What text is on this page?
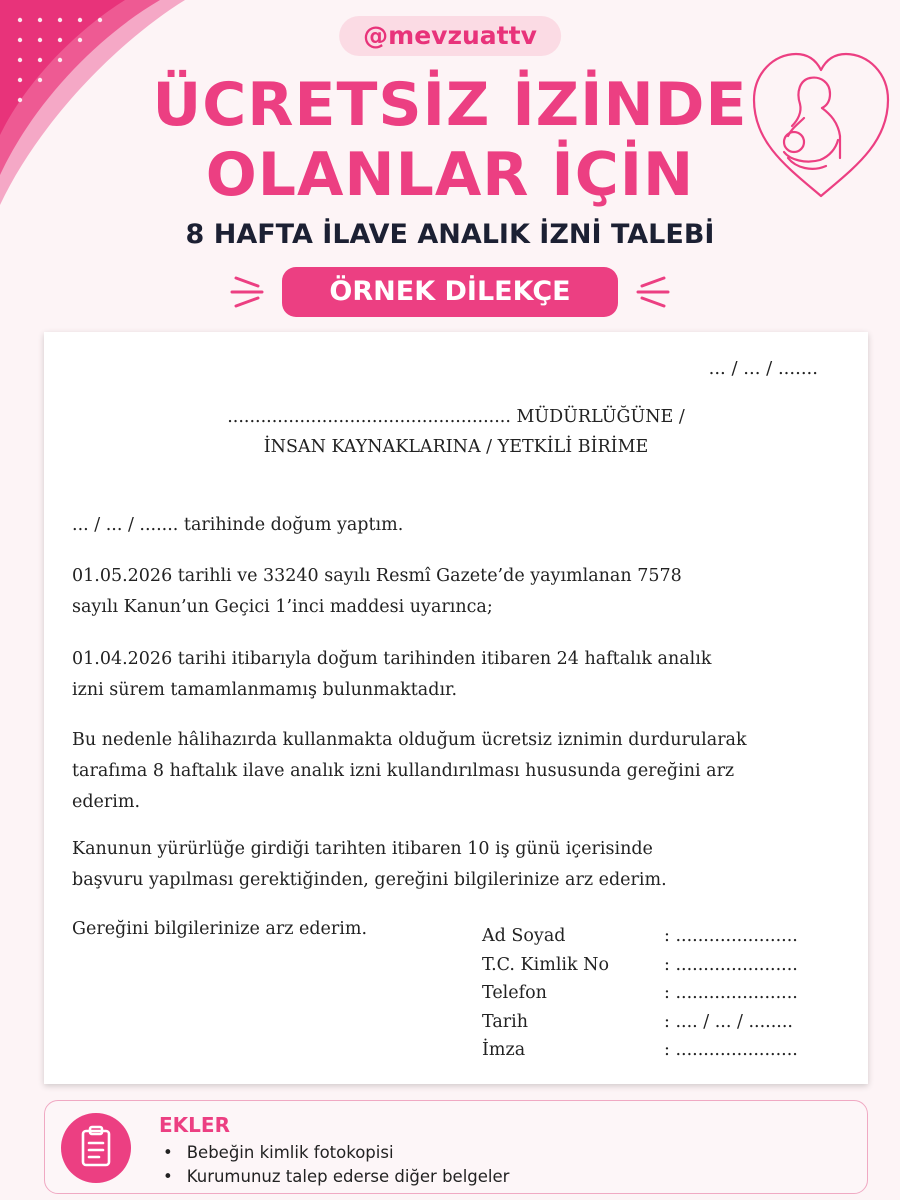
@mevzuattv
ÜCRETSİZ İZİNDE
OLANLAR İÇİN
8 HAFTA İLAVE ANALIK İZNİ TALEBİ
ÖRNEK DİLEKÇE
... / ... / .......
................................................... MÜDÜRLÜĞÜNE /
İNSAN KAYNAKLARINA / YETKİLİ BİRİME
... / ... / ....... tarihinde doğum yaptım.
01.05.2026 tarihli ve 33240 sayılı Resmî Gazete’de yayımlanan 7578 sayılı Kanun’un Geçici 1’inci maddesi uyarınca;
01.04.2026 tarihi itibarıyla doğum tarihinden itibaren 24 haftalık analık izni sürem tamamlanmamış bulunmaktadır.
Bu nedenle hâlihazırda kullanmakta olduğum ücretsiz iznimin durdurularak tarafıma 8 haftalık ilave analık izni kullandırılması hususunda gereğini arz ederim.
Kanunun yürürlüğe girdiği tarihten itibaren 10 iş günü içerisinde başvuru yapılması gerektiğinden, gereğini bilgilerinize arz ederim.
Gereğini bilgilerinize arz ederim.	Ad Soyad	: ......................
T.C. Kimlik No	: ......................
Telefon	: ......................
Tarih	: .... / ... / ........
İmza	: ......................
EKLER
• Bebeğin kimlik fotokopisi
• Kurumunuz talep ederse diğer belgeler
